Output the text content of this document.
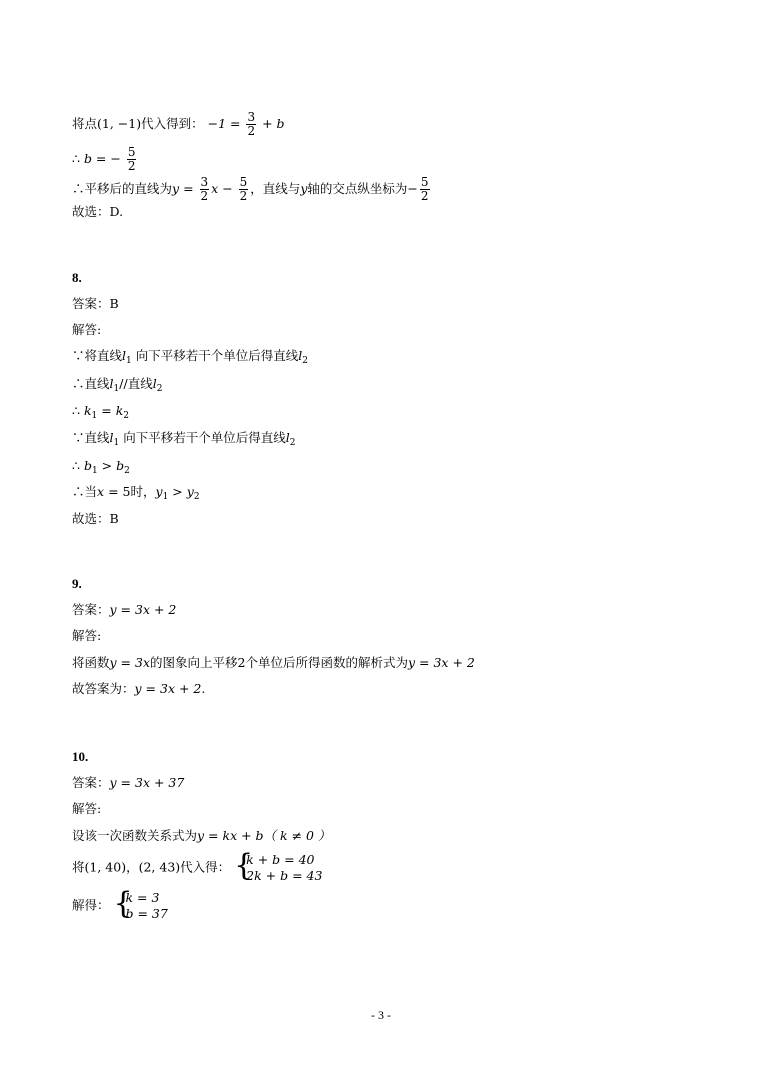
将点(1, −1)代入得到： $-1 = \frac{3}{2} + b$
∴ b = − $\frac{5}{2}$
∴平移后的直线为$y = \frac{3}{2}$ $x - \frac{5}{2}$ ，直线与y轴的交点纵坐标为− $\frac{5}{2}$
故选：D.
8.
答案：B
解答:
∵将直线$l_1$ 向下平移若干个单位后得直线$l_2$
∴直线$l_1//$直线$l_2$
∴ $k_1 = k_2$
∵直线$l_1$ 向下平移若干个单位后得直线$l_2$
∴ $b_1 > b_2$
∴当x = 5时，$y_1 > y_2$
故选：B
9.
答案：y = 3x + 2
解答:
将函数y = 3x的图象向上平移2个单位后所得函数的解析式为y = 3x + 2
故答案为：y = 3x + 2.
10.
答案：y = 3x + 37
解答:
设该一次函数关系式为y = kx + b（ k ≠ 0 ）
将(1, 40)，(2, 43)代入得： {
k + b = 40
2k + b = 43
解得： {
k = 3
b = 37
- 3 -
